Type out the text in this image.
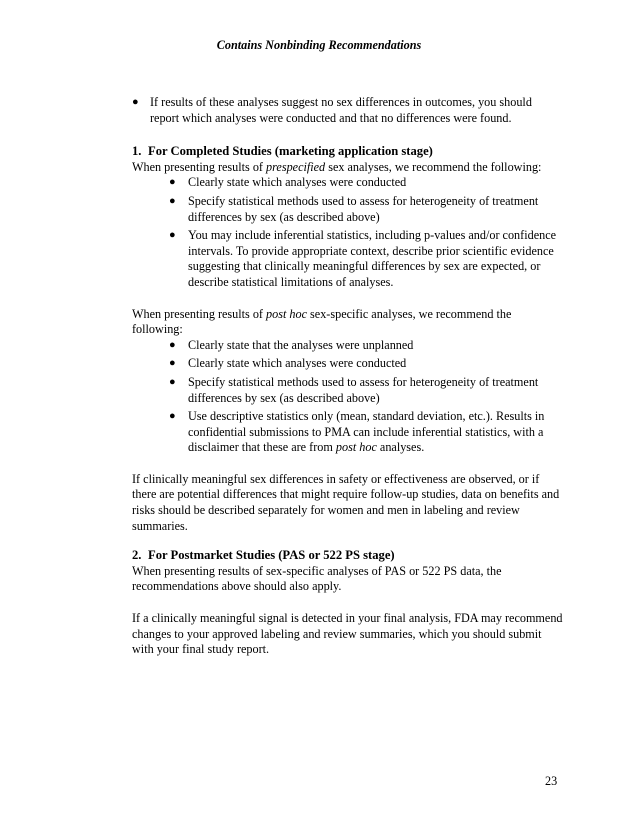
Contains Nonbinding Recommendations
● If results of these analyses suggest no sex differences in outcomes, you should report which analyses were conducted and that no differences were found.

1. For Completed Studies (marketing application stage)

When presenting results of prespecified sex analyses, we recommend the following:

● Clearly state which analyses were conducted
● Specify statistical methods used to assess for heterogeneity of treatment differences by sex (as described above)
● You may include inferential statistics, including p-values and/or confidence intervals. To provide appropriate context, describe prior scientific evidence suggesting that clinically meaningful differences by sex are expected, or describe statistical limitations of analyses.

When presenting results of post hoc sex-specific analyses, we recommend the following:

● Clearly state that the analyses were unplanned
● Clearly state which analyses were conducted
● Specify statistical methods used to assess for heterogeneity of treatment differences by sex (as described above)
● Use descriptive statistics only (mean, standard deviation, etc.). Results in confidential submissions to PMA can include inferential statistics, with a disclaimer that these are from post hoc analyses.

If clinically meaningful sex differences in safety or effectiveness are observed, or if there are potential differences that might require follow-up studies, data on benefits and risks should be described separately for women and men in labeling and review summaries.

2. For Postmarket Studies (PAS or 522 PS stage)

When presenting results of sex-specific analyses of PAS or 522 PS data, the recommendations above should also apply.

If a clinically meaningful signal is detected in your final analysis, FDA may recommend changes to your approved labeling and review summaries, which you should submit with your final study report.

23
